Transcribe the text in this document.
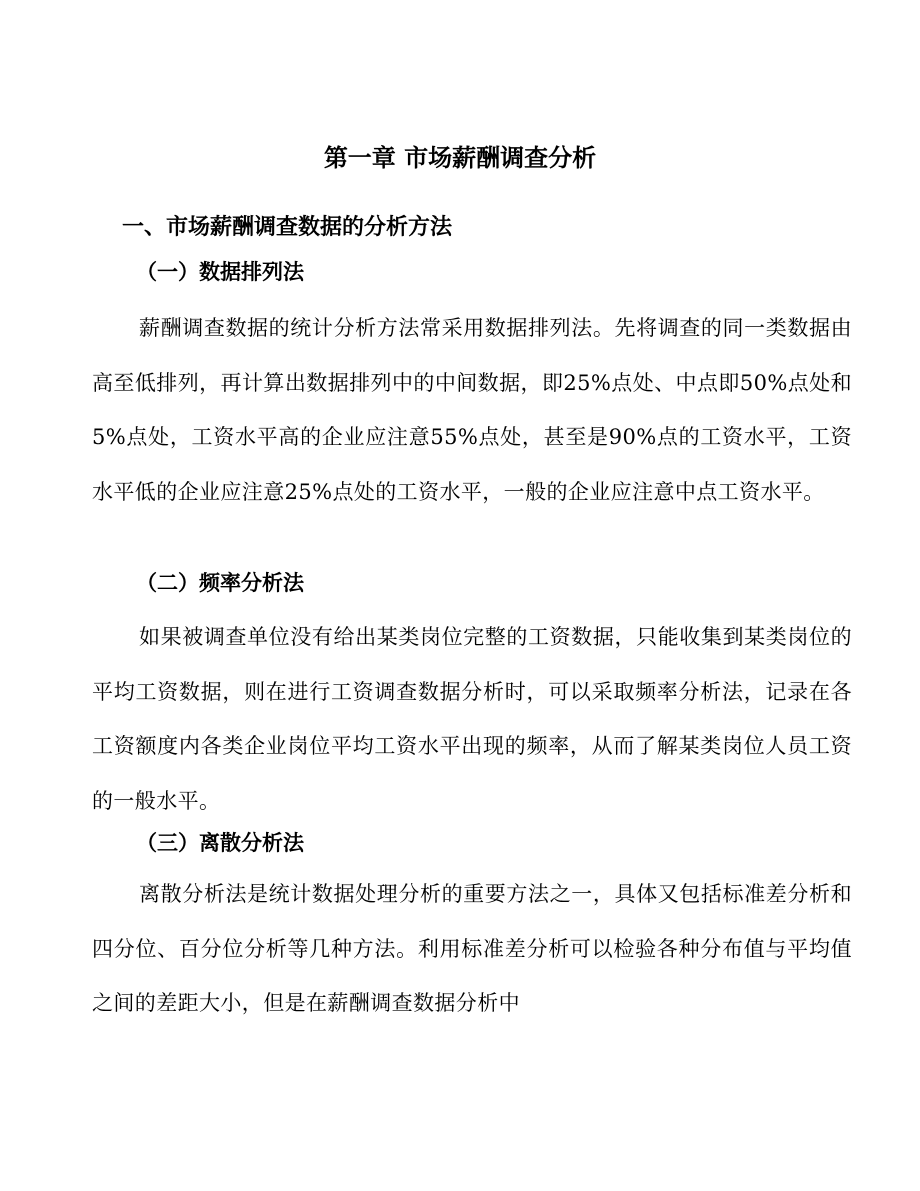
第一章 市场薪酬调查分析
一、市场薪酬调查数据的分析方法
（一）数据排列法

薪酬调查数据的统计分析方法常采用数据排列法。先将调查的同一类数据由高至低排列，再计算出数据排列中的中间数据，即25%点处、中点即50%点处和5%点处，工资水平高的企业应注意55%点处，甚至是90%点的工资水平，工资水平低的企业应注意25%点处的工资水平，一般的企业应注意中点工资水平。

（二）频率分析法

如果被调查单位没有给出某类岗位完整的工资数据，只能收集到某类岗位的平均工资数据，则在进行工资调查数据分析时，可以采取频率分析法，记录在各工资额度内各类企业岗位平均工资水平出现的频率，从而了解某类岗位人员工资的一般水平。

（三）离散分析法

离散分析法是统计数据处理分析的重要方法之一，具体又包括标准差分析和四分位、百分位分析等几种方法。利用标准差分析可以检验各种分布值与平均值之间的差距大小，但是在薪酬调查数据分析中
